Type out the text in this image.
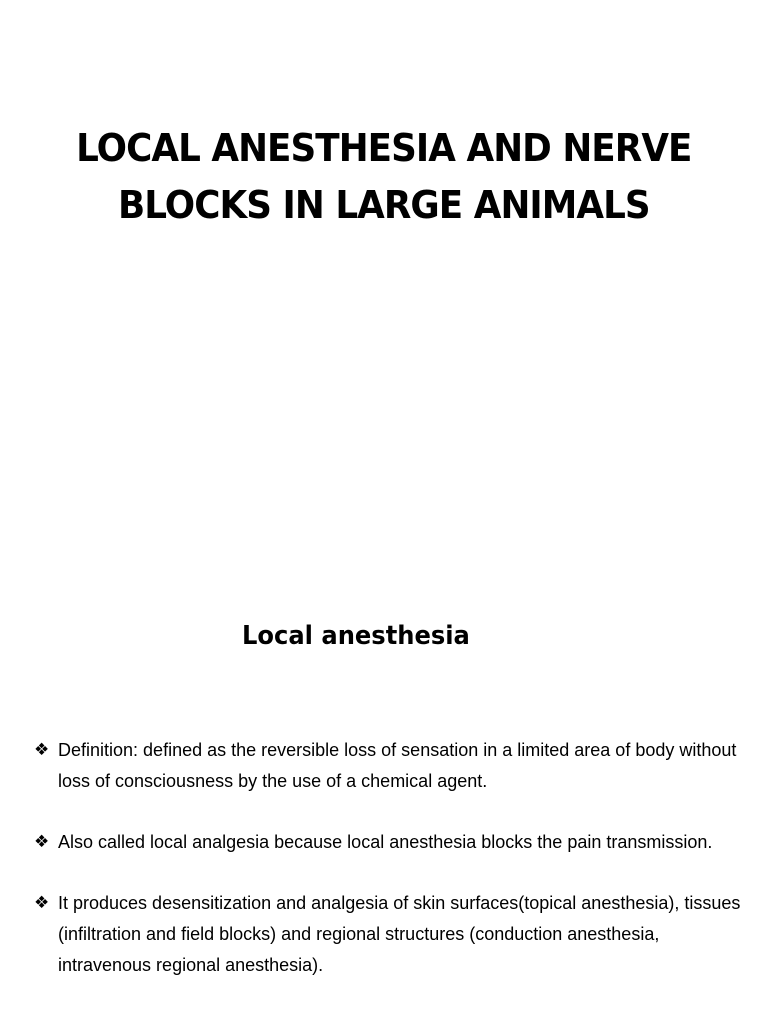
LOCAL ANESTHESIA AND NERVE
BLOCKS IN LARGE ANIMALS
Local anesthesia
❖ Definition: defined as the reversible loss of sensation in a limited area of body without loss of consciousness by the use of a chemical agent.
❖ Also called local analgesia because local anesthesia blocks the pain transmission.
❖ It produces desensitization and analgesia of skin surfaces(topical anesthesia), tissues (infiltration and field blocks) and regional structures (conduction anesthesia, intravenous regional anesthesia).
